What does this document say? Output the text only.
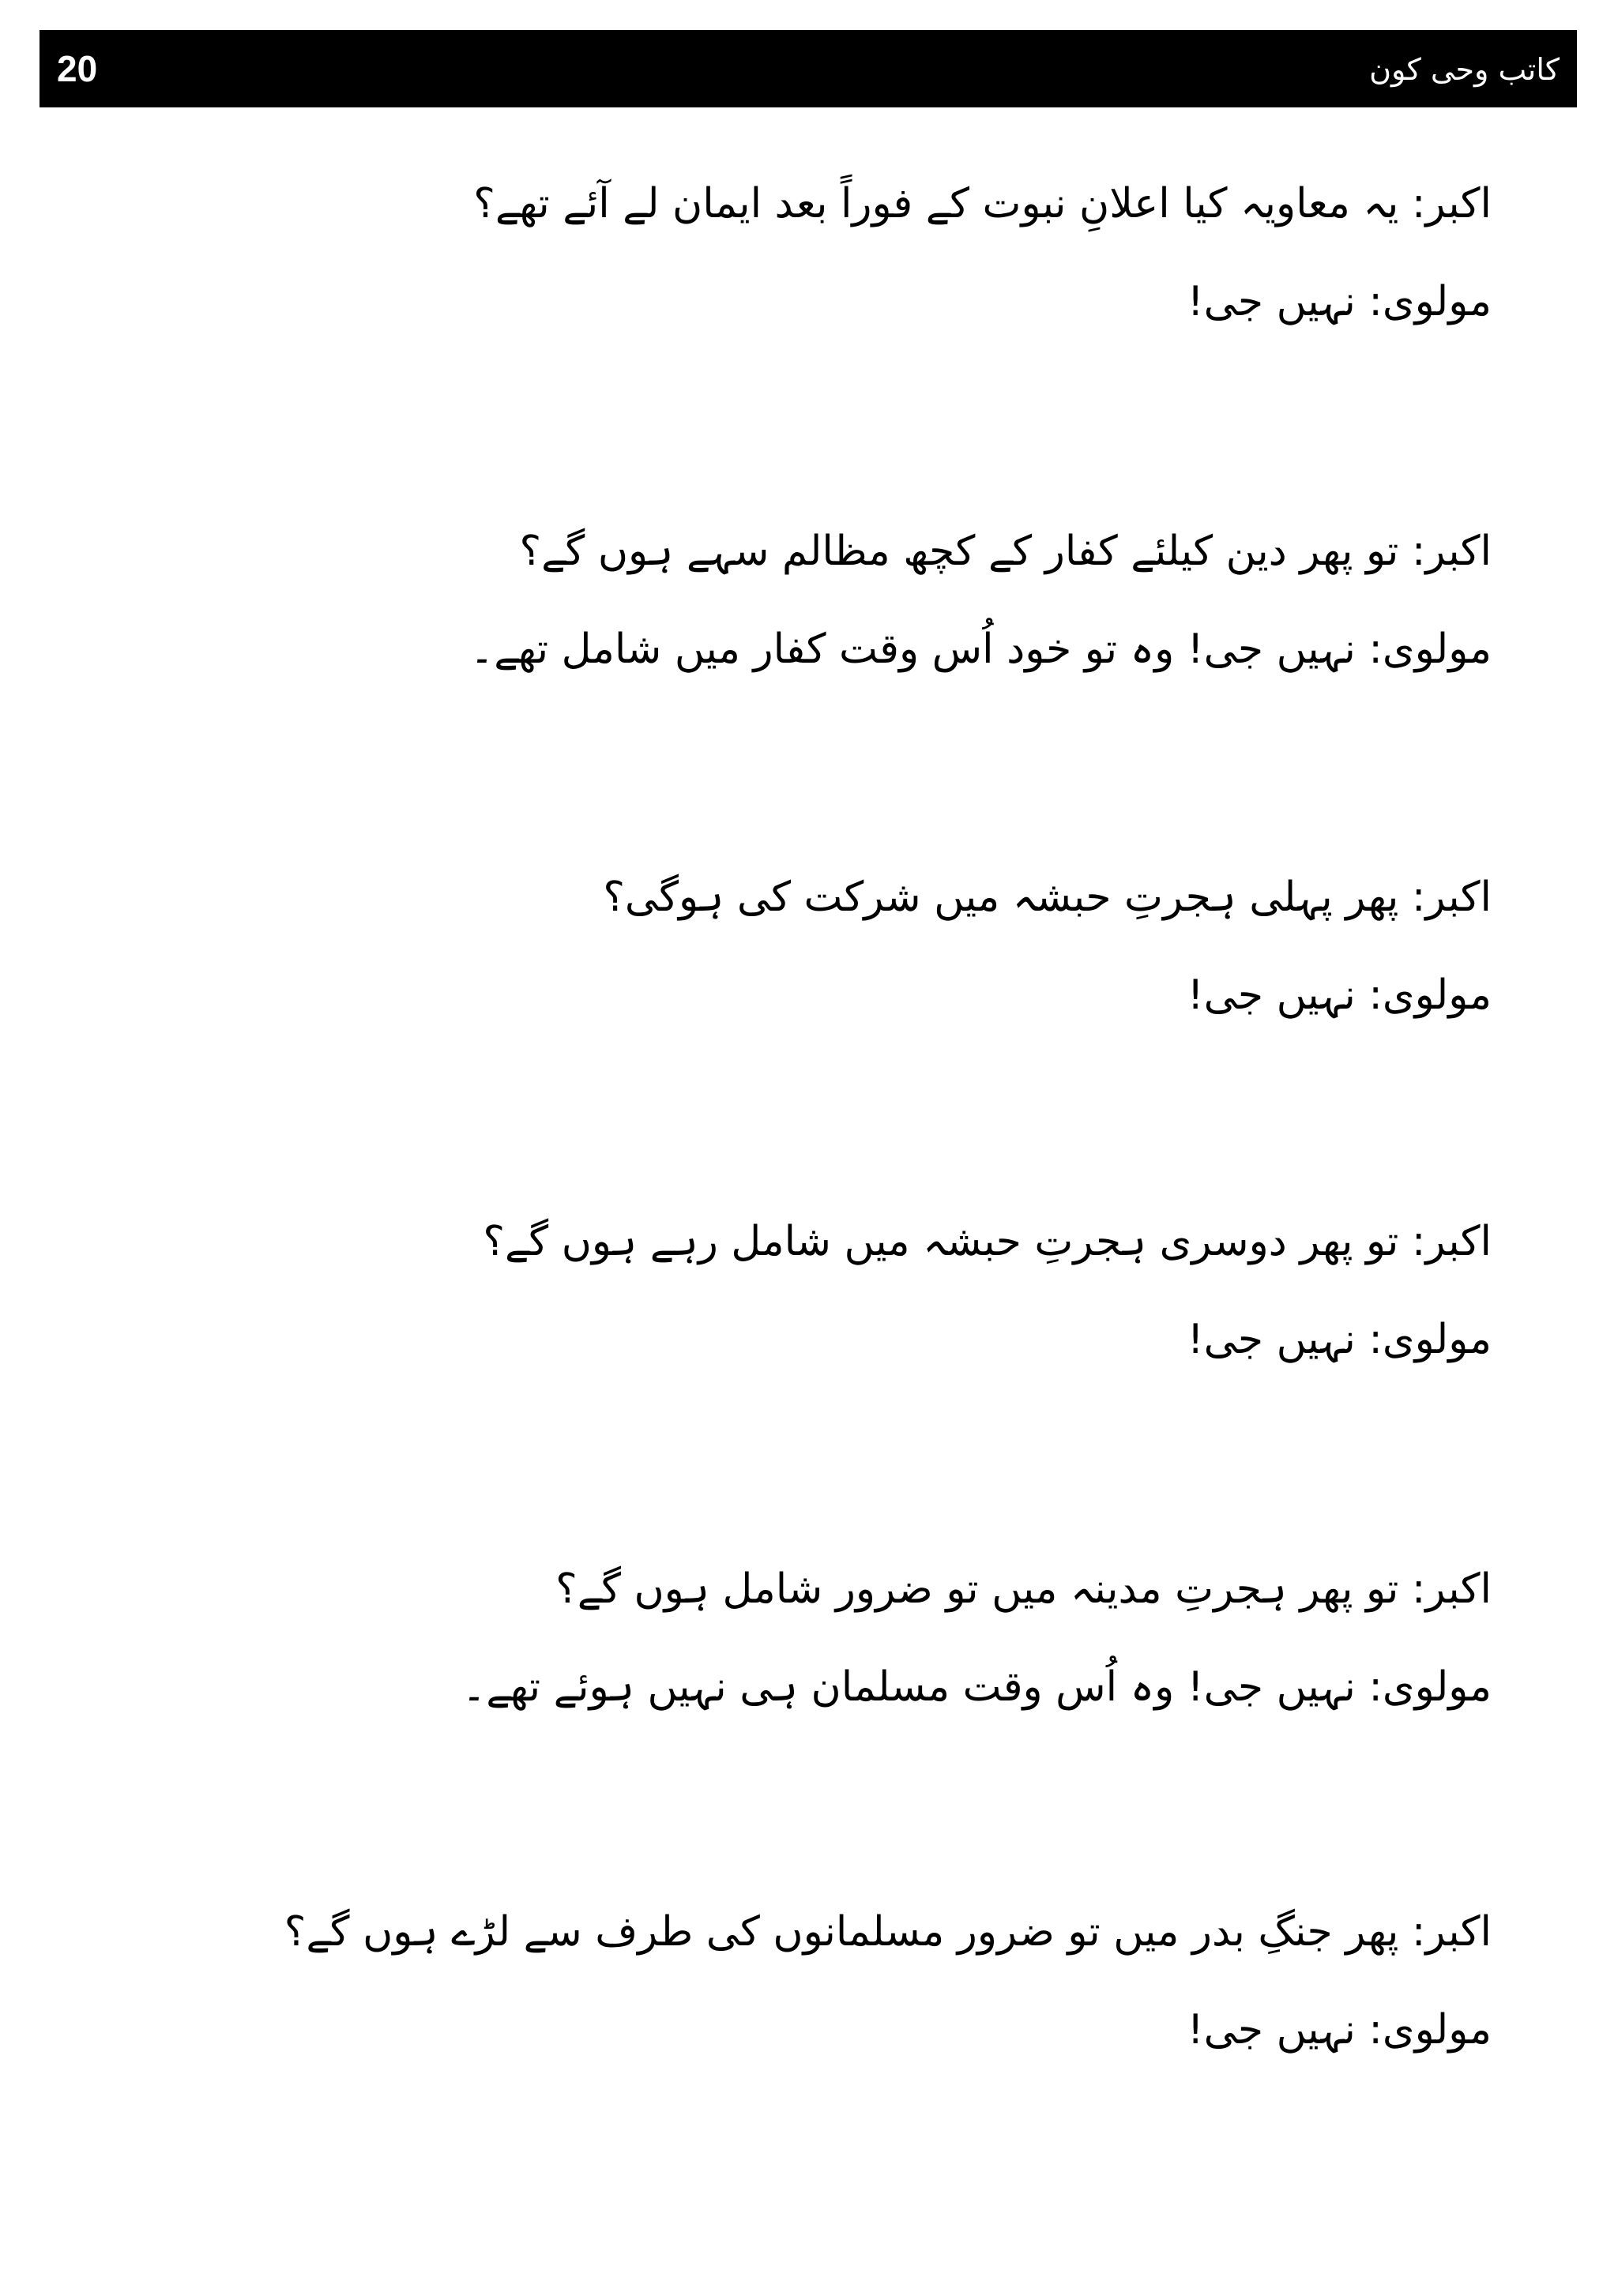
20	کاتب وحی کون
اکبر: یہ معاویہ کیا اعلانِ نبوت کے فوراً بعد ایمان لے آئے تھے؟
مولوی: نہیں جی!
اکبر: تو پھر دین کیلئے کفار کے کچھ مظالم سہے ہوں گے؟
مولوی: نہیں جی! وہ تو خود اُس وقت کفار میں شامل تھے۔
اکبر: پھر پہلی ہجرتِ حبشہ میں شرکت کی ہوگی؟
مولوی: نہیں جی!
اکبر: تو پھر دوسری ہجرتِ حبشہ میں شامل رہے ہوں گے؟
مولوی: نہیں جی!
اکبر: تو پھر ہجرتِ مدینہ میں تو ضرور شامل ہوں گے؟
مولوی: نہیں جی! وہ اُس وقت مسلمان ہی نہیں ہوئے تھے۔
اکبر: پھر جنگِ بدر میں تو ضرور مسلمانوں کی طرف سے لڑے ہوں گے؟
مولوی: نہیں جی!
